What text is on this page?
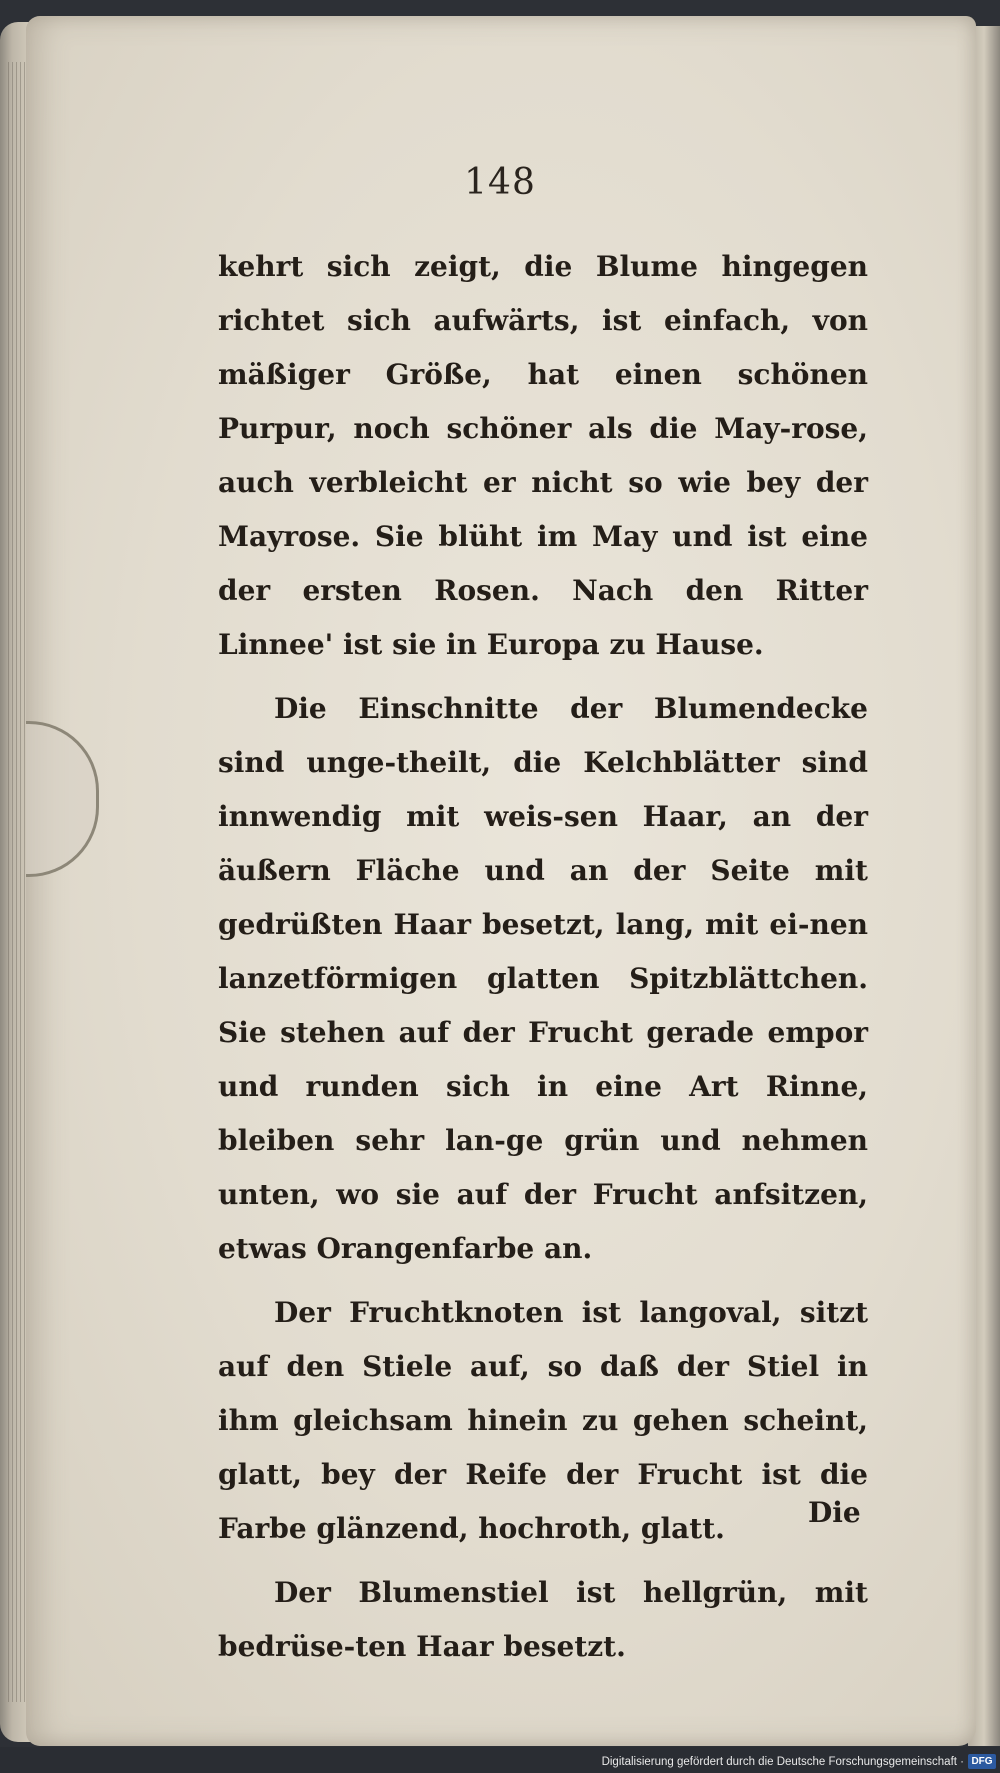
148

kehrt sich zeigt, die Blume hingegen richtet sich aufwärts, ist einfach, von mäßiger Größe, hat einen schönen Purpur, noch schöner als die May-rose, auch verbleicht er nicht so wie bey der Mayrose. Sie blüht im May und ist eine der ersten Rosen. Nach den Ritter Linnee' ist sie in Europa zu Hause.

Die Einschnitte der Blumendecke sind unge-theilt, die Kelchblätter sind innwendig mit weis-sen Haar, an der äußern Fläche und an der Seite mit gedrüßten Haar besetzt, lang, mit ei-nen lanzetförmigen glatten Spitzblättchen. Sie stehen auf der Frucht gerade empor und runden sich in eine Art Rinne, bleiben sehr lan-ge grün und nehmen unten, wo sie auf der Frucht anfsitzen, etwas Orangenfarbe an.

Der Fruchtknoten ist langoval, sitzt auf den Stiele auf, so daß der Stiel in ihm gleichsam hinein zu gehen scheint, glatt, bey der Reife der Frucht ist die Farbe glänzend, hochroth, glatt.

Der Blumenstiel ist hellgrün, mit bedrüse-ten Haar besetzt.

Die
Digitalisierung gefördert durch die Deutsche Forschungsgemeinschaft · DFG
